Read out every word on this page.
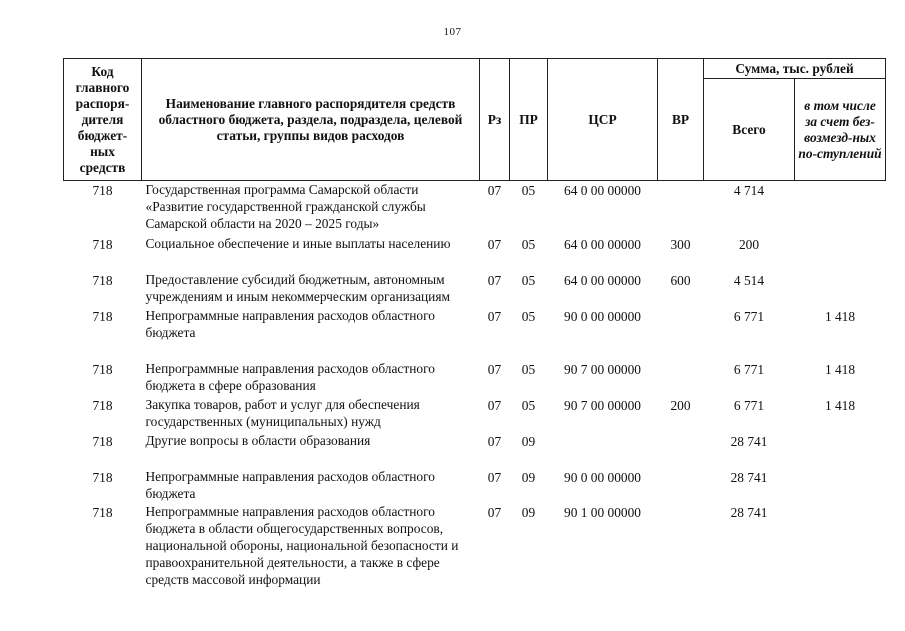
107
Код главного распоря-дителя бюджет-ных средств	Наименование главного распорядителя средств областного бюджета, раздела, подраздела, целевой статьи, группы видов расходов	Рз	ПР	ЦСР	ВР	Сумма, тыс. рублей	
						Всего	в том числе за счет без-возмезд-ных по-ступлений
718	Государственная программа Самарской области «Развитие государственной гражданской службы Самарской области на 2020 – 2025 годы»	07	05	64 0 00 00000		4 714	
718	Социальное обеспечение и иные выплаты населению	07	05	64 0 00 00000	300	200	
718	Предоставление субсидий бюджетным, автономным учреждениям и иным некоммерческим организациям	07	05	64 0 00 00000	600	4 514	
718	Непрограммные направления расходов областного бюджета	07	05	90 0 00 00000		6 771	1 418
718	Непрограммные направления расходов областного бюджета в сфере образования	07	05	90 7 00 00000		6 771	1 418
718	Закупка товаров, работ и услуг для обеспечения государственных (муниципальных) нужд	07	05	90 7 00 00000	200	6 771	1 418
718	Другие вопросы в области образования	07	09			28 741	
718	Непрограммные направления расходов областного бюджета	07	09	90 0 00 00000		28 741	
718	Непрограммные направления расходов областного бюджета в области общегосударственных вопросов, национальной обороны, национальной безопасности и правоохранительной деятельности, а также в сфере средств массовой информации	07	09	90 1 00 00000		28 741	
